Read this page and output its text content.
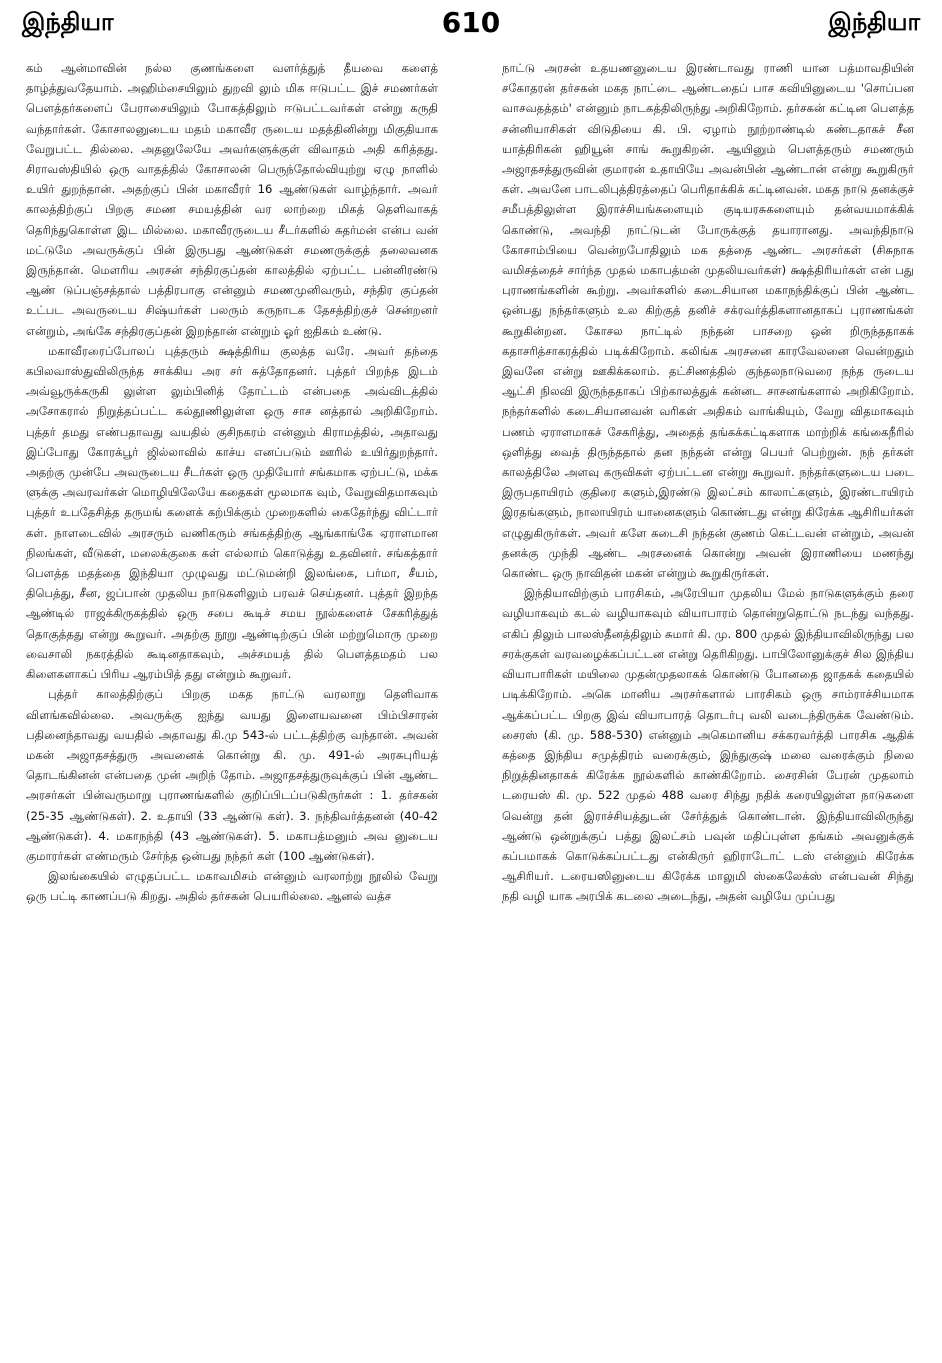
இந்தியா	610	இந்தியா

கம் ஆன்மாவின் நல்ல குணங்களை வளர்த்துத் தீயவை களைத் தாழ்த்துவதேயாம். அஹிம்சையிலும் துறவி லும் மிக ஈடுபட்ட இச் சமணர்கள் பௌத்தர்களைப் பேராசையிலும் போகத்திலும் ஈடுபட்டவர்கள் என்று கருதி வந்தார்கள். கோசாலனுடைய மதம் மகாவீர ருடைய மதத்தினின்று மிகுதியாக வேறுபட்ட தில்லை. அதனுலேயே அவர்களுக்குள் விவாதம் அதி கரித்தது. சிராவஸ்தியில் ஒரு வாதத்தில் கோசாலன் பெருந்தோல்வியுற்று ஏழு நாளில் உயிர் துறந்தான். அதற்குப் பின் மகாவீரர் 16 ஆண்டுகள் வாழ்ந்தார். அவர் காலத்திற்குப் பிறகு சமண சமயத்தின் வர லாற்றை மிகத் தெளிவாகத் தெரிந்துகொள்ள இட மில்லை. மகாவீரருடைய சீடர்களில் சுதர்மன் என்ப வன் மட்டுமே அவருக்குப் பின் இருபது ஆண்டுகள் சமணருக்குத் தலைவனக இருந்தான். மௌரிய அரசன் சந்திரகுப்தன் காலத்தில் ஏற்பட்ட பன்னிரண்டு ஆண் டுப்பஞ்சத்தால் பத்திரபாகு என்னும் சமணமுனிவரும், சந்திர குப்தன் உட்பட அவருடைய சிஷ்யர்கள் பலரும் கருநாடக தேசத்திற்குச் சென்றனர் என்றும், அங்கே சந்திரகுப்தன் இறந்தான் என்றும் ஓர் ஐதிகம் உண்டு.

மகாவீரரைப்போலப் புத்தரும் க்ஷத்திரிய குலத்த வரே. அவர் தந்தை கபிலவாஸ்துவிலிருந்த சாக்கிய அர சர் சுத்தோதனர். புத்தர் பிறந்த இடம் அவ்வூருக்கருகி லுள்ள லும்பினித் தோட்டம் என்பதை அவ்விடத்தில் அசோகரால் நிறுத்தப்பட்ட கல்தூணிலுள்ள ஒரு சாச னத்தால் அறிகிறோம். புத்தர் தமது எண்பதாவது வயதில் குசிநகரம் என்னும் கிராமத்தில், அதாவது இப்போது கோரக்பூர் ஜில்லாவில் காச்ய எனப்படும் ஊரில் உயிர்துறந்தார். அதற்கு முன்பே அவருடைய சீடர்கள் ஒரு முதியோர் சங்கமாக ஏற்பட்டு, மக்க ளுக்கு அவரவர்கள் மொழியிலேயே கதைகள் மூலமாக வும், வேறுவிதமாகவும் புத்தர் உபதேசித்த தருமங் களைக் கற்பிக்கும் முறைகளில் கைதேர்ந்து விட்டார் கள். நாளடைவில் அரசரும் வணிகரும் சங்கத்திற்கு ஆங்காங்கே ஏராளமான நிலங்கள், வீடுகள், மலைக்குகை கள் எல்லாம் கொடுத்து உதவினர். சங்கத்தார் பௌத்த மதத்தை இந்தியா முழுவது மட்டுமன்றி இலங்கை, பர்மா, சீயம், திபெத்து, சீன, ஜப்பான் முதலிய நாடுகளிலும் பரவச் செய்தனர். புத்தர் இறந்த ஆண்டில் ராஜக்கிருகத்தில் ஒரு சபை கூடிச் சமய நூல்களைச் சேகரித்துத் தொகுத்தது என்று கூறுவர். அதற்கு நூறு ஆண்டிற்குப் பின் மற்றுமொரு முறை வைசாலி நகரத்தில் கூடினதாகவும், அச்சமயத் தில் பௌத்தமதம் பல கிளைகளாகப் பிரிய ஆரம்பித் தது என்றும் கூறுவர்.

புத்தர் காலத்திற்குப் பிறகு மகத நாட்டு வரலாறு தெளிவாக விளங்கவில்லை. அவருக்கு ஐந்து வயது இளையவனை பிம்பிசாரன் பதினைந்தாவது வயதில் அதாவது கி.மு 543-ல் பட்டத்திற்கு வந்தான். அவன் மகன் அஜாதசத்துரு அவனைக் கொன்று கி. மு. 491-ல் அரசுபுரியத் தொடங்கினன் என்பதை முன் அறிந் தோம். அஜாதசத்துருவுக்குப் பின் ஆண்ட அரசர்கள் பின்வருமாறு புராணங்களில் குறிப்பிடப்படுகிருர்கள் : 1. தர்சகன் (25-35 ஆண்டுகள்). 2. உதாயி (33 ஆண்டு கள்). 3. நந்திவர்த்தனன் (40-42 ஆண்டுகள்). 4. மகாநந்தி (43 ஆண்டுகள்). 5. மகாபத்மனும் அவ னுடைய குமாரர்கள் எண்மரும் சேர்ந்த ஒன்பது நந்தர் கள் (100 ஆண்டுகள்).

இலங்கையில் எழுதப்பட்ட மகாவமிசம் என்னும் வரலாற்று நூலில் வேறு ஒரு பட்டி காணப்படு கிறது. அதில் தர்சகன் பெயரில்லை. ஆனல் வத்ச

நாட்டு அரசன் உதயணனுடைய இரண்டாவது ராணி யான பத்மாவதியின் சகோதரன் தர்சகன் மகத நாட்டை ஆண்டதைப் பாச கவியினுடைய 'சொப்பன வாசவதத்தம்' என்னும் நாடகத்திலிருந்து அறிகிறோம். தர்சகன் கட்டின பௌத்த சன்னியாசிகள் விடுதியை கி. பி. ஏழாம் நூற்றாண்டில் கண்டதாகச் சீன யாத்திரிகன் ஹியூன் சாங் கூறுகிறன். ஆயினும் பௌத்தரும் சமணரும் அஜாதசத்துருவின் குமாரன் உதாயியே அவன்பின் ஆண்டான் என்று கூறுகிருர் கள். அவனே பாடலிபுத்திரத்தைப் பெரிதாக்கிக் கட்டினவன். மகத நாடு தனக்குச் சமீபத்திலுள்ள இராச்சியங்களையும் குடியரசுகளையும் தன்வயமாக்கிக் கொண்டு, அவந்தி நாட்டுடன் போருக்குத் தயாரானது. அவந்திநாடு கோசாம்பியை வென்றபோதிலும் மக தத்தை ஆண்ட அரசர்கள் (சிசுநாக வமிசத்தைச் சார்ந்த முதல் மகாபத்மன் முதலியவர்கள்) க்ஷத்திரியர்கள் என் பது புராணங்களின் கூற்று. அவர்களில் கடைசியான மகாநந்திக்குப் பின் ஆண்ட ஒன்பது நந்தர்களும் உல கிற்குத் தனிச் சக்ரவர்த்திகளானதாகப் புராணங்கள் கூறுகின்றன. கோசல நாட்டில் நந்தன் பாசறை ஒன் றிருந்ததாகக் கதாசரித்சாகரத்தில் படிக்கிறோம். கலிங்க அரசனை காரவேலனை வென்றதும் இவனே என்று ஊகிக்கலாம். தட்சிணத்தில் குந்தலநாடுவரை நந்த ருடைய ஆட்சி நிலவி இருந்ததாகப் பிற்காலத்துக் கன்னட சாசனங்களால் அறிகிறோம். நந்தர்களில் கடைசியானவன் வரிகள் அதிகம் வாங்கியும், வேறு விதமாகவும் பணம் ஏராளமாகச் சேகரித்து, அதைத் தங்கக்கட்டிகளாக மாற்றிக் கங்கைநீரில் ஒளித்து வைத் திருந்ததால் தன நந்தன் என்று பெயர் பெற்றுன். நந் தர்கள் காலத்திலே அளவு கருவிகள் ஏற்பட்டன என்று கூறுவர். நந்தர்களுடைய படை இருபதாயிரம் குதிரை களும்,இரண்டு இலட்சம் காலாட்களும், இரண்டாயிரம் இரதங்களும், நாலாயிரம் யானைகளும் கொண்டது என்று கிரேக்க ஆசிரியர்கள் எழுதுகிருர்கள். அவர் களே கடைசி நந்தன் குணம் கெட்டவன் என்றும், அவன் தனக்கு முந்தி ஆண்ட அரசனைக் கொன்று அவன் இராணியை மணந்து கொண்ட ஒரு நாவிதன் மகன் என்றும் கூறுகிருர்கள்.

இந்தியாவிற்கும் பாரசிகம், அரேபியா முதலிய மேல் நாடுகளுக்கும் தரை வழியாகவும் கடல் வழியாகவும் வியாபாரம் தொன்றுதொட்டு நடந்து வந்தது. எகிப் திலும் பாலஸ்தீனத்திலும் சுமார் கி. மு. 800 முதல் இந்தியாவிலிருந்து பல சரக்குகள் வரவழைக்கப்பட்டன என்று தெரிகிறது. பாபிலோனுக்குச் சில இந்திய வியாபாரிகள் மயிலை முதன்முதலாகக் கொண்டு போனதை ஜாதகக் கதையில் படிக்கிறோம். அகெ மானிய அரசர்களால் பாரசிகம் ஒரு சாம்ராச்சியமாக ஆக்கப்பட்ட பிறகு இவ் வியாபாரத் தொடர்பு வலி வடைந்திருக்க வேண்டும். சைரஸ் (கி. மு. 588-530) என்னும் அகெமானிய சக்கரவர்த்தி பாரசிக ஆதிக் கத்தை இந்திய சமுத்திரம் வரைக்கும், இந்துகுஷ் மலை வரைக்கும் நிலை நிறுத்தினதாகக் கிரேக்க நூல்களில் காண்கிறோம். சைரசின் பேரன் முதலாம் டரையஸ் கி. மு. 522 முதல் 488 வரை சிந்து நதிக் கரையிலுள்ள நாடுகளை வென்று தன் இராச்சியத்துடன் சேர்த்துக் கொண்டான். இந்தியாவிலிருந்து ஆண்டு ஒன்றுக்குப் பத்து இலட்சம் பவுன் மதிப்புள்ள தங்கம் அவனுக்குக் கப்பமாகக் கொடுக்கப்பட்டது என்கிருர் ஹிராடோட் டஸ் என்னும் கிரேக்க ஆசிரியர். டரையஸினுடைய கிரேக்க மாலுமி ஸ்கைலேக்ஸ் என்பவன் சிந்து நதி வழி யாக அரபிக் கடலை அடைந்து, அதன் வழியே முப்பது
